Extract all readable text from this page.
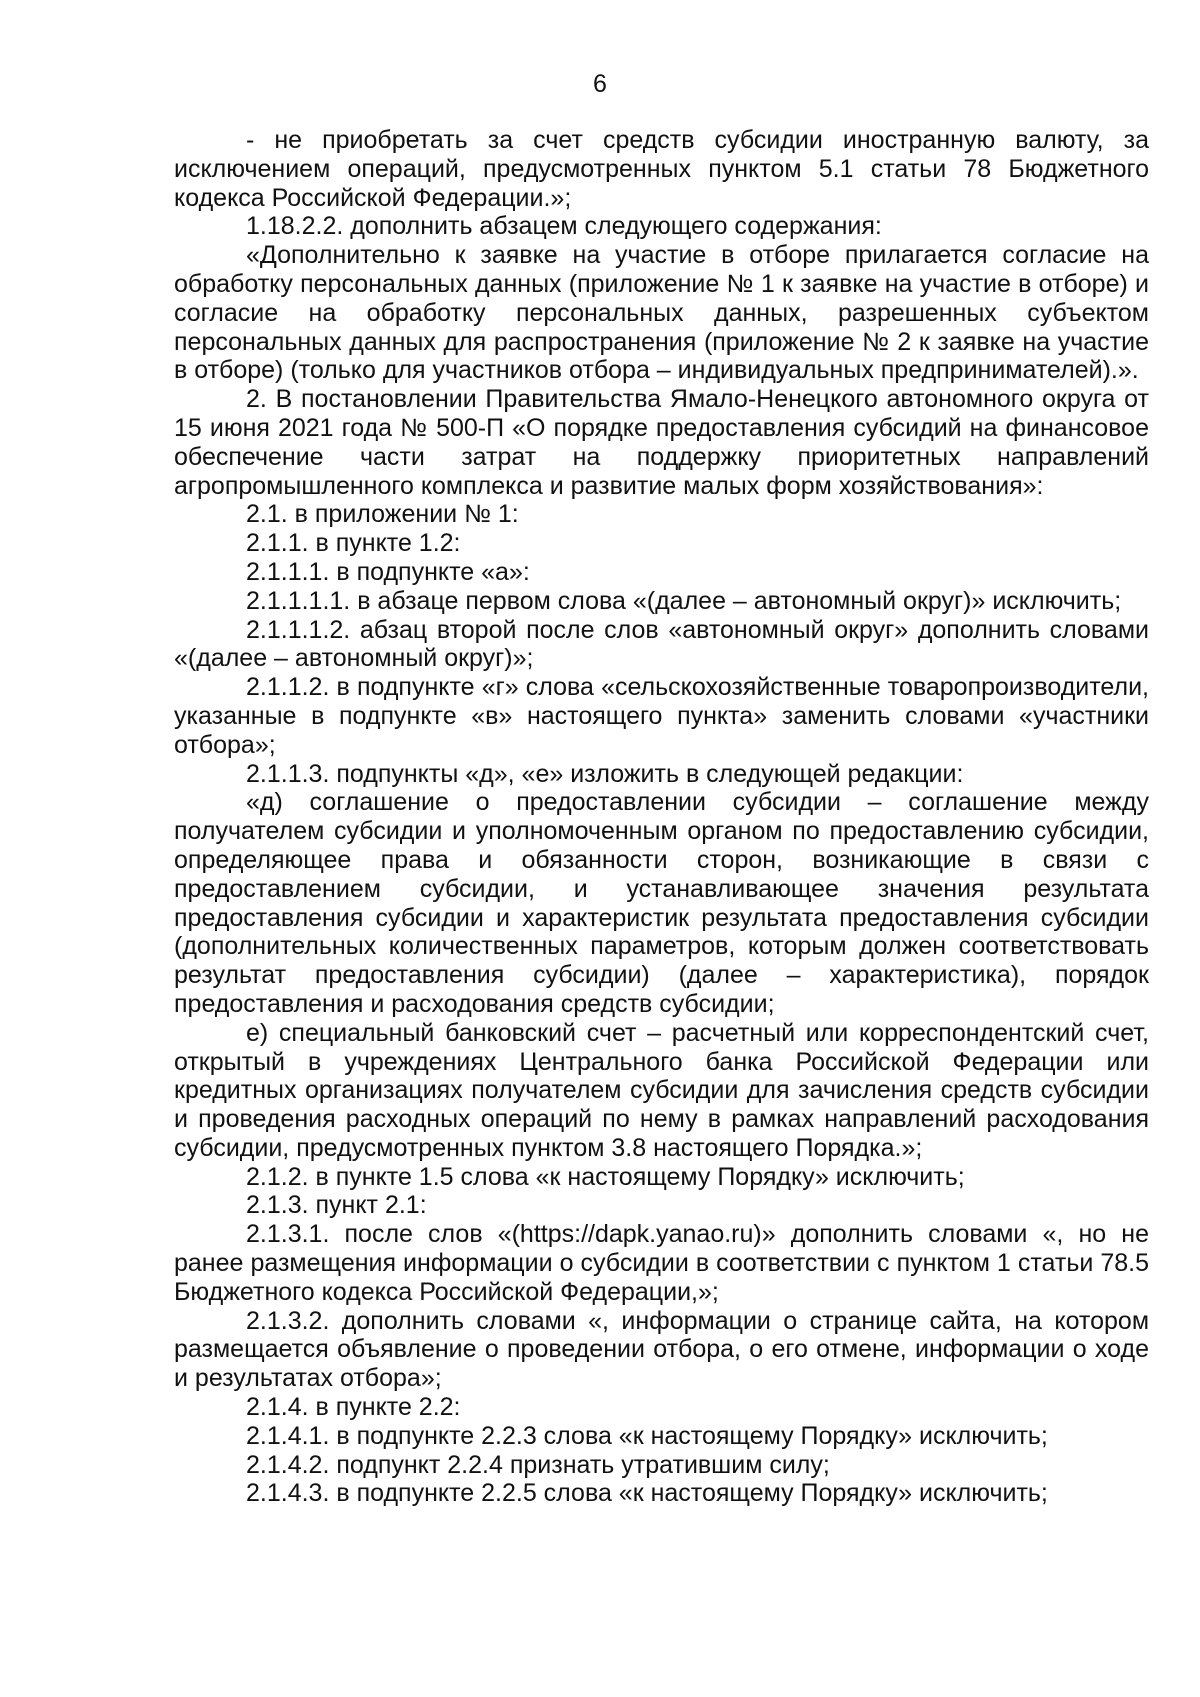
6

- не приобретать за счет средств субсидии иностранную валюту, за исключением операций, предусмотренных пунктом 5.1 статьи 78 Бюджетного кодекса Российской Федерации.»;

1.18.2.2. дополнить абзацем следующего содержания:

«Дополнительно к заявке на участие в отборе прилагается согласие на обработку персональных данных (приложение № 1 к заявке на участие в отборе) и согласие на обработку персональных данных, разрешенных субъектом персональных данных для распространения (приложение № 2 к заявке на участие в отборе) (только для участников отбора – индивидуальных предпринимателей).».

2. В постановлении Правительства Ямало-Ненецкого автономного округа от 15 июня 2021 года № 500-П «О порядке предоставления субсидий на финансовое обеспечение части затрат на поддержку приоритетных направлений агропромышленного комплекса и развитие малых форм хозяйствования»:

2.1. в приложении № 1:

2.1.1. в пункте 1.2:

2.1.1.1. в подпункте «а»:

2.1.1.1.1. в абзаце первом слова «(далее – автономный округ)» исключить;

2.1.1.1.2. абзац второй после слов «автономный округ» дополнить словами «(далее – автономный округ)»;

2.1.1.2. в подпункте «г» слова «сельскохозяйственные товаропроизводители, указанные в подпункте «в» настоящего пункта» заменить словами «участники отбора»;

2.1.1.3. подпункты «д», «е» изложить в следующей редакции:

«д) соглашение о предоставлении субсидии – соглашение между получателем субсидии и уполномоченным органом по предоставлению субсидии, определяющее права и обязанности сторон, возникающие в связи с предоставлением субсидии, и устанавливающее значения результата предоставления субсидии и характеристик результата предоставления субсидии (дополнительных количественных параметров, которым должен соответствовать результат предоставления субсидии) (далее – характеристика), порядок предоставления и расходования средств субсидии;

е) специальный банковский счет – расчетный или корреспондентский счет, открытый в учреждениях Центрального банка Российской Федерации или кредитных организациях получателем субсидии для зачисления средств субсидии и проведения расходных операций по нему в рамках направлений расходования субсидии, предусмотренных пунктом 3.8 настоящего Порядка.»;

2.1.2. в пункте 1.5 слова «к настоящему Порядку» исключить;

2.1.3. пункт 2.1:

2.1.3.1. после слов «(https://dapk.yanao.ru)» дополнить словами «, но не ранее размещения информации о субсидии в соответствии с пунктом 1 статьи 78.5 Бюджетного кодекса Российской Федерации,»;

2.1.3.2. дополнить словами «, информации о странице сайта, на котором размещается объявление о проведении отбора, о его отмене, информации о ходе и результатах отбора»;

2.1.4. в пункте 2.2:

2.1.4.1. в подпункте 2.2.3 слова «к настоящему Порядку» исключить;

2.1.4.2. подпункт 2.2.4 признать утратившим силу;

2.1.4.3. в подпункте 2.2.5 слова «к настоящему Порядку» исключить;
